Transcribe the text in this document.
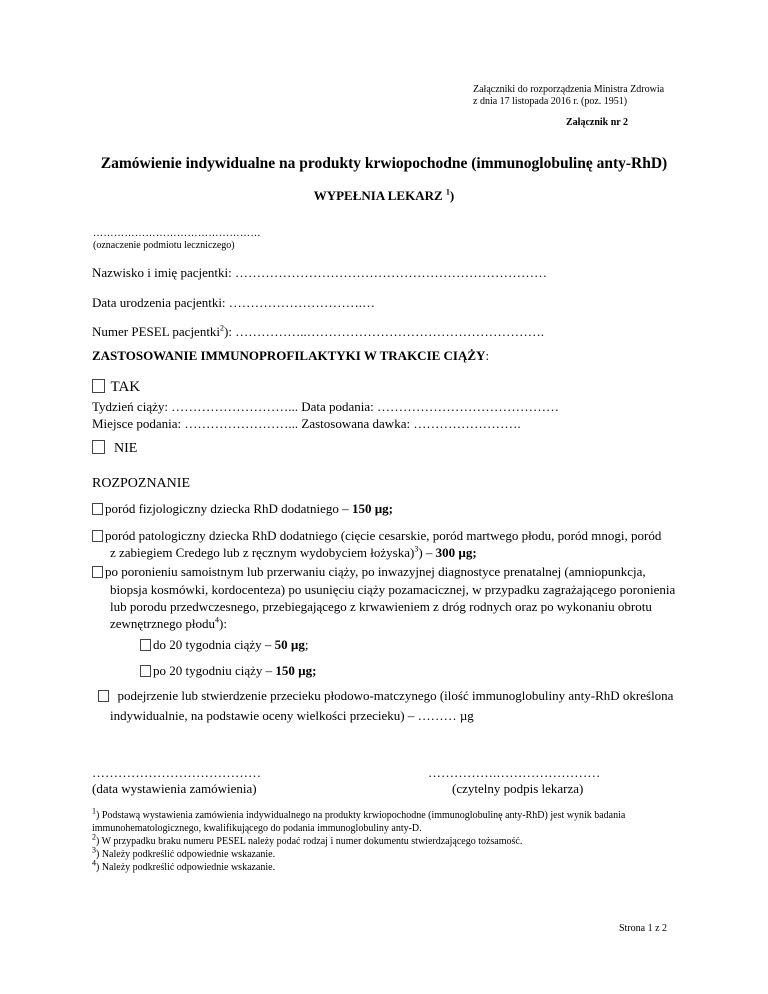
Załączniki do rozporządzenia Ministra Zdrowia
z dnia 17 listopada 2016 r. (poz. 1951)
Załącznik nr 2
Zamówienie indywidualne na produkty krwiopochodne (immunoglobulinę anty-RhD)
WYPEŁNIA LEKARZ $^1$)
…………………………………………
(oznaczenie podmiotu leczniczego)
Nazwisko i imię pacjentki: ………………………………………………………………
Data urodzenia pacjentki: ………………………….…
Numer PESEL pacjentki$^2$): ……………..……………………………………………….
ZASTOSOWANIE IMMUNOPROFILAKTYKI W TRAKCIE CIĄŻY:
TAK
Tydzień ciąży: ………………………... Data podania: ……………………………………
Miejsce podania: ……………………... Zastosowana dawka: …………………….
NIE
ROZPOZNANIE
poród fizjologiczny dziecka RhD dodatniego – 150 µg;
poród patologiczny dziecka RhD dodatniego (cięcie cesarskie, poród martwego płodu, poród mnogi, poród
z zabiegiem Credego lub z ręcznym wydobyciem łożyska)$^3$) – 300 µg;
po poronieniu samoistnym lub przerwaniu ciąży, po inwazyjnej diagnostyce prenatalnej (amniopunkcja,
biopsja kosmówki, kordocenteza) po usunięciu ciąży pozamacicznej, w przypadku zagrażającego poronienia
lub porodu przedwczesnego, przebiegającego z krwawieniem z dróg rodnych oraz po wykonaniu obrotu
zewnętrznego płodu$^4$):
do 20 tygodnia ciąży – 50 µg;
po 20 tygodniu ciąży – 150 µg;
podejrzenie lub stwierdzenie przecieku płodowo-matczynego (ilość immunoglobuliny anty-RhD określona
indywidualnie, na podstawie oceny wielkości przecieku) – ……… µg
…………………………………
(data wystawienia zamówienia)
…………….……………………
(czytelny podpis lekarza)
$^1$) Podstawą wystawienia zamówienia indywidualnego na produkty krwiopochodne (immunoglobulinę anty-RhD) jest wynik badania
immunohematologicznego, kwalifikującego do podania immunoglobuliny anty-D.
$^2$) W przypadku braku numeru PESEL należy podać rodzaj i numer dokumentu stwierdzającego tożsamość.
$^3$) Należy podkreślić odpowiednie wskazanie.
$^4$) Należy podkreślić odpowiednie wskazanie.
Strona 1 z 2
